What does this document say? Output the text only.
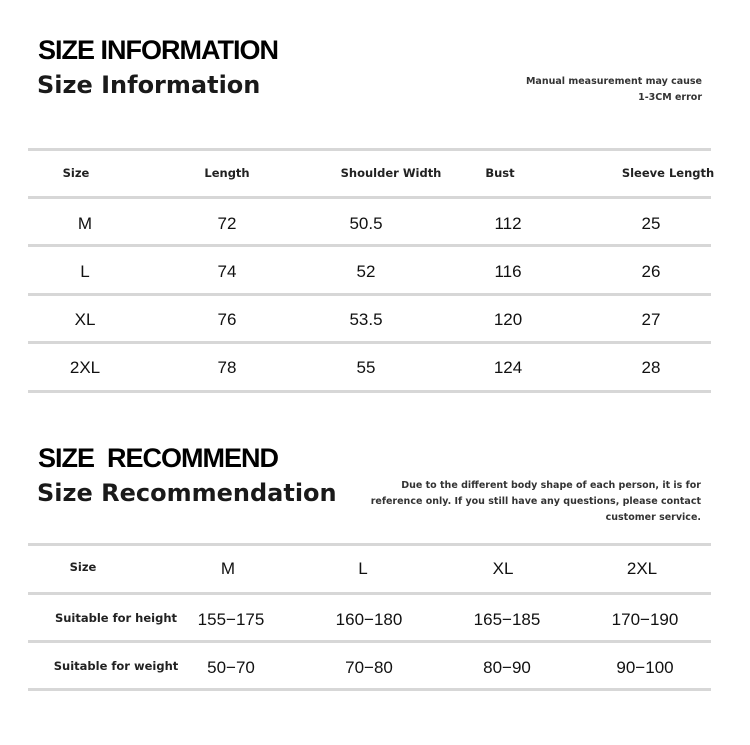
SIZE INFORMATION
Size Information	Manual measurement may cause
1-3CM error
Size	Length	Shoulder Width	Bust	Sleeve Length
M	72	50.5	112	25
L	74	52	116	26
XL	76	53.5	120	27
2XL	78	55	124	28
SIZE  RECOMMEND
Size Recommendation	Due to the different body shape of each person, it is for
reference only. If you still have any questions, please contact
customer service.
Size	M	L	XL	2XL
Suitable for height 155−175	160−180	165−185	170−190
Suitable for weight 50−70	70−80	80−90	90−100
